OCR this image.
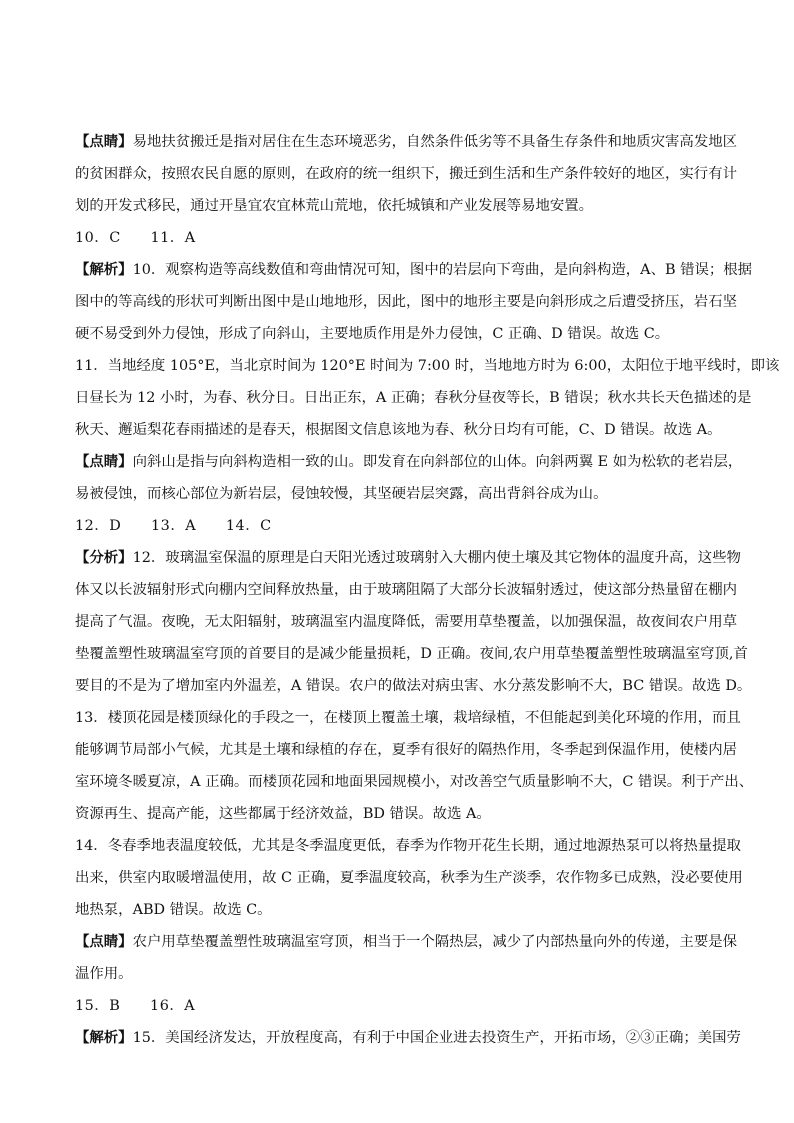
【点睛】易地扶贫搬迁是指对居住在生态环境恶劣，自然条件低劣等不具备生存条件和地质灾害高发地区
的贫困群众，按照农民自愿的原则，在政府的统一组织下，搬迁到生活和生产条件较好的地区，实行有计
划的开发式移民，通过开垦宜农宜林荒山荒地，依托城镇和产业发展等易地安置。
10．C　　11．A
【解析】10．观察构造等高线数值和弯曲情况可知，图中的岩层向下弯曲，是向斜构造，A、B 错误；根据
图中的等高线的形状可判断出图中是山地地形，因此，图中的地形主要是向斜形成之后遭受挤压，岩石坚
硬不易受到外力侵蚀，形成了向斜山，主要地质作用是外力侵蚀，C 正确、D 错误。故选 C。
11．当地经度 105°E，当北京时间为 120°E 时间为 7:00 时，当地地方时为 6:00，太阳位于地平线时，即该
日昼长为 12 小时，为春、秋分日。日出正东，A 正确；春秋分昼夜等长，B 错误；秋水共长天色描述的是
秋天、邂逅梨花春雨描述的是春天，根据图文信息该地为春、秋分日均有可能，C、D 错误。故选 A。
【点睛】向斜山是指与向斜构造相一致的山。即发育在向斜部位的山体。向斜两翼 E 如为松软的老岩层，
易被侵蚀，而核心部位为新岩层，侵蚀较慢，其坚硬岩层突露，高出背斜谷成为山。
12．D　　13．A　　14．C
【分析】12．玻璃温室保温的原理是白天阳光透过玻璃射入大棚内使土壤及其它物体的温度升高，这些物
体又以长波辐射形式向棚内空间释放热量，由于玻璃阻隔了大部分长波辐射透过，使这部分热量留在棚内
提高了气温。夜晚，无太阳辐射，玻璃温室内温度降低，需要用草垫覆盖，以加强保温，故夜间农户用草
垫覆盖塑性玻璃温室穹顶的首要目的是减少能量损耗，D 正确。夜间,农户用草垫覆盖塑性玻璃温室穹顶,首
要目的不是为了增加室内外温差，A 错误。农户的做法对病虫害、水分蒸发影响不大，BC 错误。故选 D。
13．楼顶花园是楼顶绿化的手段之一，在楼顶上覆盖土壤，栽培绿植，不但能起到美化环境的作用，而且
能够调节局部小气候，尤其是土壤和绿植的存在，夏季有很好的隔热作用，冬季起到保温作用，使楼内居
室环境冬暖夏凉，A 正确。而楼顶花园和地面果园规模小，对改善空气质量影响不大，C 错误。利于产出、
资源再生、提高产能，这些都属于经济效益，BD 错误。故选 A。
14．冬春季地表温度较低，尤其是冬季温度更低，春季为作物开花生长期，通过地源热泵可以将热量提取
出来，供室内取暖增温使用，故 C 正确，夏季温度较高，秋季为生产淡季，农作物多已成熟，没必要使用
地热泵，ABD 错误。故选 C。
【点睛】农户用草垫覆盖塑性玻璃温室穹顶，相当于一个隔热层，减少了内部热量向外的传递，主要是保
温作用。
15．B　　16．A
【解析】15．美国经济发达，开放程度高，有利于中国企业进去投资生产，开拓市场，②③正确；美国劳
